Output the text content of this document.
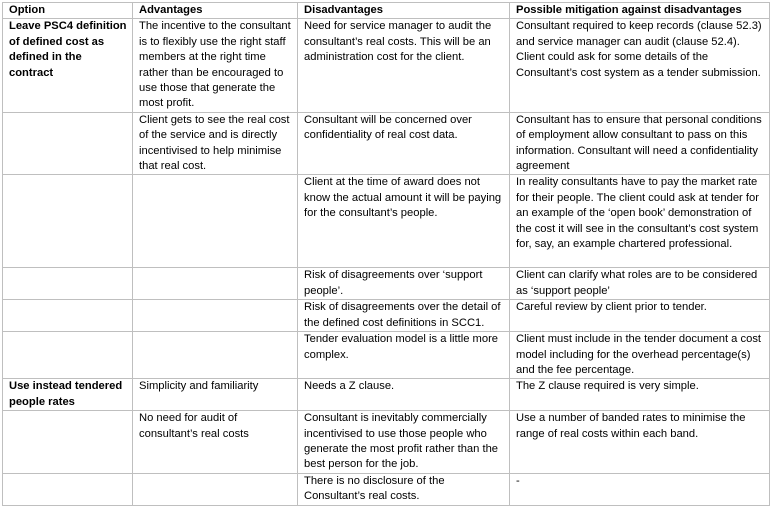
Option	Advantages	Disadvantages	Possible mitigation against disadvantages
Leave PSC4 definition of defined cost as defined in the contract	The incentive to the consultant is to flexibly use the right staff members at the right time rather than be encouraged to use those that generate the most profit.	Need for service manager to audit the consultant’s real costs. This will be an administration cost for the client.	Consultant required to keep records (clause 52.3) and service manager can audit (clause 52.4). Client could ask for some details of the Consultant’s cost system as a tender submission.
	Client gets to see the real cost of the service and is directly incentivised to help minimise that real cost.	Consultant will be concerned over confidentiality of real cost data.	Consultant has to ensure that personal conditions of employment allow consultant to pass on this information. Consultant will need a confidentiality agreement
		Client at the time of award does not know the actual amount it will be paying for the consultant’s people.	In reality consultants have to pay the market rate for their people. The client could ask at tender for an example of the ‘open book’ demonstration of the cost it will see in the consultant’s cost system for, say, an example chartered professional.
		Risk of disagreements over ‘support people’.	Client can clarify what roles are to be considered as ‘support people’
		Risk of disagreements over the detail of the defined cost definitions in SCC1.	Careful review by client prior to tender.
		Tender evaluation model is a little more complex.	Client must include in the tender document a cost model including for the overhead percentage(s) and the fee percentage.
Use instead tendered people rates	Simplicity and familiarity	Needs a Z clause.	The Z clause required is very simple.
	No need for audit of consultant’s real costs	Consultant is inevitably commercially incentivised to use those people who generate the most profit rather than the best person for the job.	Use a number of banded rates to minimise the range of real costs within each band.
		There is no disclosure of the Consultant’s real costs.	-
